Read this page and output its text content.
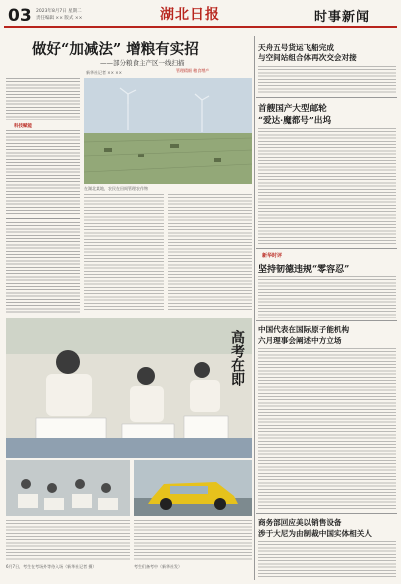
03 2023年8月7日 星期二
责任编辑 ×× 版式 ××	湖北日报	时事新闻
做好“加减法” 增粮有实招
——部分粮食主产区一线扫描
新华社记者 ×× ××
科技赋能
在湖北某地，农民在田间管理农作物
管理精细 粮食增产
天舟五号货运飞船完成
与空间站组合体再次交会对接
首艘国产大型邮轮
“爱达·魔都号”出坞
新华时评
坚持韧德违规“零容忍”
中国代表在国际原子能机构
六月理事会阐述中方立场
商务部回应美以销售设备
涉于大尼为由制裁中国实体相关人
高考在即
6月7日，考生在考场外等待入场（新华社记者 摄）	考生们备考中（新华社发）
